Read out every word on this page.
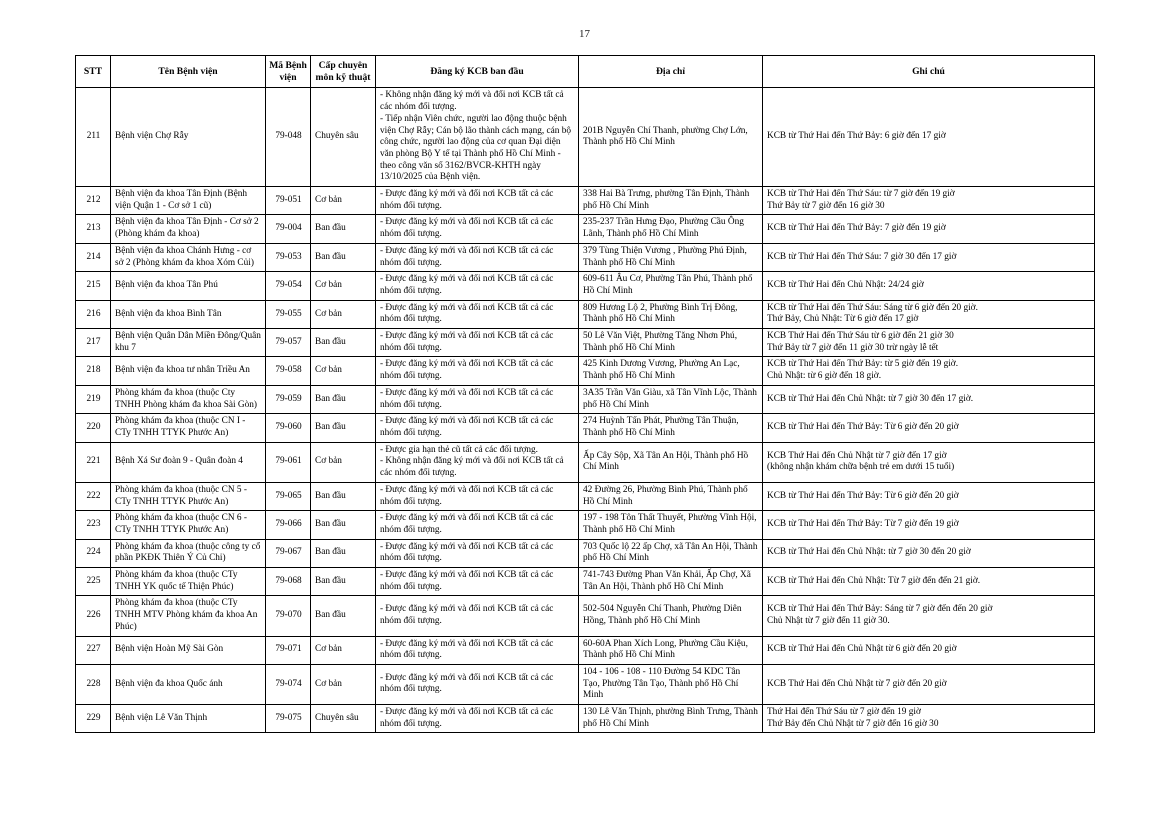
17
STT	Tên Bệnh viện	Mã Bệnh viện	Cấp chuyên môn kỹ thuật	Đăng ký KCB ban đầu	Địa chỉ	Ghi chú

211	Bệnh viện Chợ Rẫy	79-048	Chuyên sâu	- Không nhận đăng ký mới và đổi nơi KCB tất cả các nhóm đối tượng.
- Tiếp nhận Viên chức, người lao động thuộc bệnh viện Chợ Rẫy; Cán bộ lão thành cách mạng, cán bộ công chức, người lao động của cơ quan Đại diện văn phòng Bộ Y tế tại Thành phố Hồ Chí Minh - theo công văn số 3162/BVCR-KHTH ngày 13/10/2025 của Bệnh viện.	201B Nguyễn Chí Thanh, phường Chợ Lớn, Thành phố Hồ Chí Minh	KCB từ Thứ Hai đến Thứ Bảy: 6 giờ đến 17 giờ

212	Bệnh viện đa khoa Tân Định (Bệnh viện Quận 1 - Cơ sở 1 cũ)	79-051	Cơ bản	- Được đăng ký mới và đổi nơi KCB tất cả các nhóm đối tượng.	338 Hai Bà Trưng, phường Tân Định, Thành phố Hồ Chí Minh	KCB từ Thứ Hai đến Thứ Sáu: từ 7 giờ đến 19 giờ
Thứ Bảy từ 7 giờ đến 16 giờ 30

213	Bệnh viện đa khoa Tân Định - Cơ sở 2 (Phòng khám đa khoa)	79-004	Ban đầu	- Được đăng ký mới và đổi nơi KCB tất cả các nhóm đối tượng.	235-237 Trần Hưng Đạo, Phường Cầu Ông Lãnh, Thành phố Hồ Chí Minh	KCB từ Thứ Hai đến Thứ Bảy: 7 giờ đến 19 giờ

214	Bệnh viện đa khoa Chánh Hưng - cơ sở 2 (Phòng khám đa khoa Xóm Củi)	79-053	Ban đầu	- Được đăng ký mới và đổi nơi KCB tất cả các nhóm đối tượng.	379 Tùng Thiện Vương , Phường Phú Định, Thành phố Hồ Chí Minh	KCB từ Thứ Hai đến Thứ Sáu: 7 giờ 30 đến 17 giờ

215	Bệnh viện đa khoa Tân Phú	79-054	Cơ bản	- Được đăng ký mới và đổi nơi KCB tất cả các nhóm đối tượng.	609-611 Âu Cơ, Phường Tân Phú, Thành phố Hồ Chí Minh	KCB từ Thứ Hai đến Chủ Nhật: 24/24 giờ

216	Bệnh viện đa khoa Bình Tân	79-055	Cơ bản	- Được đăng ký mới và đổi nơi KCB tất cả các nhóm đối tượng.	809 Hương Lộ 2, Phường Bình Trị Đông, Thành phố Hồ Chí Minh	KCB từ Thứ Hai đến Thứ Sáu: Sáng từ 6 giờ đến 20 giờ.
Thứ Bảy, Chủ Nhật: Từ 6 giờ đến 17 giờ

217	Bệnh viện Quân Dân Miền Đông/Quân khu 7	79-057	Ban đầu	- Được đăng ký mới và đổi nơi KCB tất cả các nhóm đối tượng.	50 Lê Văn Việt, Phường Tăng Nhơn Phú, Thành phố Hồ Chí Minh	KCB Thứ Hai đến Thứ Sáu từ 6 giờ đến 21 giờ 30
Thứ Bảy từ 7 giờ đến 11 giờ 30 trừ ngày lễ tết

218	Bệnh viện đa khoa tư nhân Triều An	79-058	Cơ bản	- Được đăng ký mới và đổi nơi KCB tất cả các nhóm đối tượng.	425 Kinh Dương Vương, Phường An Lạc, Thành phố Hồ Chí Minh	KCB từ Thứ Hai đến Thứ Bảy: từ 5 giờ đến 19 giờ.
Chủ Nhật: từ 6 giờ đến 18 giờ.

219	Phòng khám đa khoa (thuộc Cty TNHH Phòng khám đa khoa Sài Gòn)	79-059	Ban đầu	- Được đăng ký mới và đổi nơi KCB tất cả các nhóm đối tượng.	3A35 Trần Văn Giàu, xã Tân Vĩnh Lộc, Thành phố Hồ Chí Minh	KCB từ Thứ Hai đến Chủ Nhật: từ 7 giờ 30 đến 17 giờ.

220	Phòng khám đa khoa (thuộc CN I - CTy TNHH TTYK Phước An)	79-060	Ban đầu	- Được đăng ký mới và đổi nơi KCB tất cả các nhóm đối tượng.	274 Huỳnh Tấn Phát, Phường Tân Thuận, Thành phố Hồ Chí Minh	KCB từ Thứ Hai đến Thứ Bảy: Từ 6 giờ đến 20 giờ

221	Bệnh Xá Sư đoàn 9 - Quân đoàn 4	79-061	Cơ bản	- Được gia hạn thẻ cũ tất cả các đối tượng.
- Không nhận đăng ký mới và đổi nơi KCB tất cả các nhóm đối tượng.	Ấp Cây Sộp, Xã Tân An Hội, Thành phố Hồ Chí Minh	KCB Thứ Hai đến Chủ Nhật từ 7 giờ đến 17 giờ
(không nhận khám chữa bệnh trẻ em dưới 15 tuổi)

222	Phòng khám đa khoa (thuộc CN 5 - CTy TNHH TTYK Phước An)	79-065	Ban đầu	- Được đăng ký mới và đổi nơi KCB tất cả các nhóm đối tượng.	42 Đường 26, Phường Bình Phú, Thành phố Hồ Chí Minh	KCB từ Thứ Hai đến Thứ Bảy: Từ 6 giờ đến 20 giờ

223	Phòng khám đa khoa (thuộc CN 6 - CTy TNHH TTYK Phước An)	79-066	Ban đầu	- Được đăng ký mới và đổi nơi KCB tất cả các nhóm đối tượng.	197 - 198 Tôn Thất Thuyết, Phường Vĩnh Hội, Thành phố Hồ Chí Minh	KCB từ Thứ Hai đến Thứ Bảy: Từ 7 giờ đến 19 giờ

224	Phòng khám đa khoa (thuộc công ty cổ phần PKĐK Thiên Ý Củ Chi)	79-067	Ban đầu	- Được đăng ký mới và đổi nơi KCB tất cả các nhóm đối tượng.	703 Quốc lộ 22 ấp Chợ, xã Tân An Hội, Thành phố Hồ Chí Minh	KCB từ Thứ Hai đến Chủ Nhật: từ 7 giờ 30 đến 20 giờ

225	Phòng khám đa khoa (thuộc CTy TNHH YK quốc tế Thiện Phúc)	79-068	Ban đầu	- Được đăng ký mới và đổi nơi KCB tất cả các nhóm đối tượng.	741-743 Đường Phan Văn Khải, Ấp Chợ, Xã Tân An Hội, Thành phố Hồ Chí Minh	KCB từ Thứ Hai đến Chủ Nhật: Từ 7 giờ đến đến 21 giờ.

226	Phòng khám đa khoa (thuộc CTy TNHH MTV Phòng khám đa khoa An Phúc)	79-070	Ban đầu	- Được đăng ký mới và đổi nơi KCB tất cả các nhóm đối tượng.	502-504 Nguyễn Chí Thanh, Phường Diên Hồng, Thành phố Hồ Chí Minh	KCB từ Thứ Hai đến Thứ Bảy: Sáng từ 7 giờ đến đến 20 giờ
Chủ Nhật từ 7 giờ đến 11 giờ 30.

227	Bệnh viện Hoàn Mỹ Sài Gòn	79-071	Cơ bản	- Được đăng ký mới và đổi nơi KCB tất cả các nhóm đối tượng.	60-60A Phan Xích Long, Phường Cầu Kiệu, Thành phố Hồ Chí Minh	KCB từ Thứ Hai đến Chủ Nhật từ 6 giờ đến 20 giờ

228	Bệnh viện đa khoa Quốc ánh	79-074	Cơ bản	- Được đăng ký mới và đổi nơi KCB tất cả các nhóm đối tượng.	104 - 106 - 108 - 110 Đường 54 KDC Tân Tạo, Phường Tân Tạo, Thành phố Hồ Chí Minh	KCB Thứ Hai đến Chủ Nhật từ 7 giờ đến 20 giờ

229	Bệnh viện Lê Văn Thịnh	79-075	Chuyên sâu	- Được đăng ký mới và đổi nơi KCB tất cả các nhóm đối tượng.	130 Lê Văn Thịnh, phường Bình Trưng, Thành phố Hồ Chí Minh	Thứ Hai đến Thứ Sáu từ 7 giờ đến 19 giờ
Thứ Bảy đến Chủ Nhật từ 7 giờ đến 16 giờ 30
